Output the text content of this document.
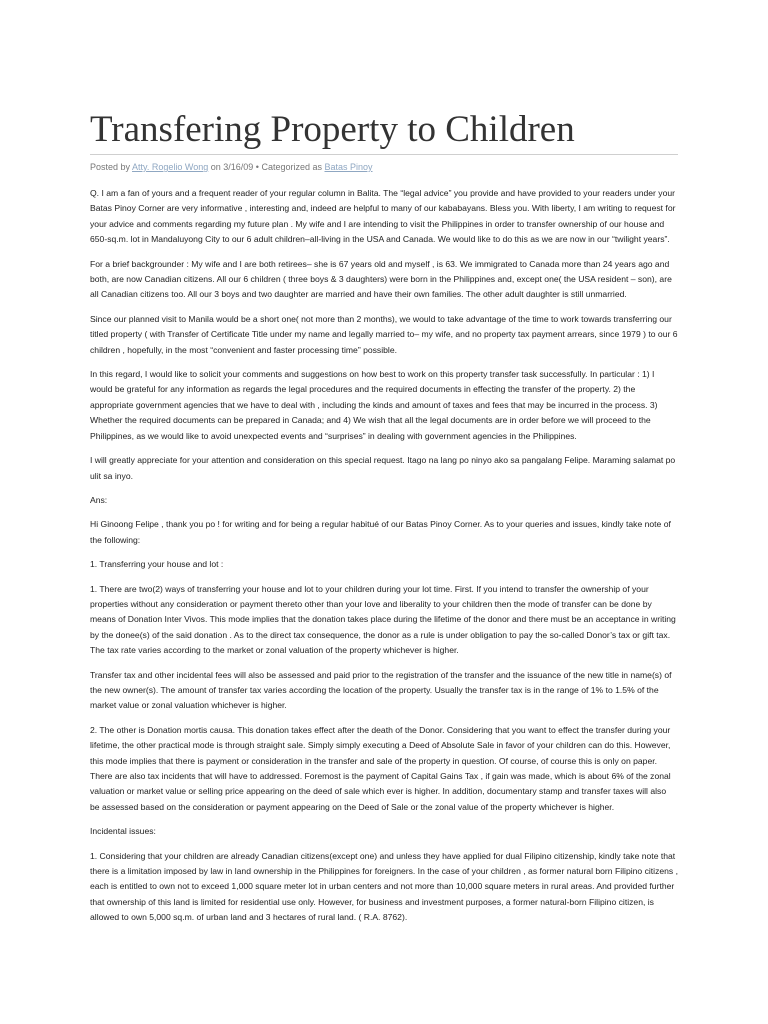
Transfering Property to Children
Posted by Atty. Rogelio Wong on 3/16/09 • Categorized as Batas Pinoy

Q. I am a fan of yours and a frequent reader of your regular column in Balita. The “legal advice” you provide and have provided to your readers under your Batas Pinoy Corner are very informative , interesting and, indeed are helpful to many of our kababayans. Bless you. With liberty, I am writing to request for your advice and comments regarding my future plan . My wife and I are intending to visit the Philippines in order to transfer ownership of our house and 650-sq.m. lot in Mandaluyong City to our 6 adult children–all-living in the USA and Canada. We would like to do this as we are now in our “twilight years”.

For a brief backgrounder : My wife and I are both retirees– she is 67 years old and myself , is 63. We immigrated to Canada more than 24 years ago and both, are now Canadian citizens. All our 6 children ( three boys & 3 daughters) were born in the Philippines and, except one( the USA resident – son), are all Canadian citizens too. All our 3 boys and two daughter are married and have their own families. The other adult daughter is still unmarried.

Since our planned visit to Manila would be a short one( not more than 2 months), we would to take advantage of the time to work towards transferring our titled property ( with Transfer of Certificate Title under my name and legally married to– my wife, and no property tax payment arrears, since 1979 ) to our 6 children , hopefully, in the most “convenient and faster processing time” possible.

In this regard, I would like to solicit your comments and suggestions on how best to work on this property transfer task successfully. In particular : 1) I would be grateful for any information as regards the legal procedures and the required documents in effecting the transfer of the property. 2) the appropriate government agencies that we have to deal with , including the kinds and amount of taxes and fees that may be incurred in the process. 3) Whether the required documents can be prepared in Canada; and 4) We wish that all the legal documents are in order before we will proceed to the Philippines, as we would like to avoid unexpected events and “surprises” in dealing with government agencies in the Philippines.

I will greatly appreciate for your attention and consideration on this special request. Itago na lang po ninyo ako sa pangalang Felipe. Maraming salamat po ulit sa inyo.

Ans:

Hi Ginoong Felipe , thank you po ! for writing and for being a regular habitué of our Batas Pinoy Corner. As to your queries and issues, kindly take note of the following:

1. Transferring your house and lot :

1. There are two(2) ways of transferring your house and lot to your children during your lot time. First. If you intend to transfer the ownership of your properties without any consideration or payment thereto other than your love and liberality to your children then the mode of transfer can be done by means of Donation Inter Vivos. This mode implies that the donation takes place during the lifetime of the donor and there must be an acceptance in writing by the donee(s) of the said donation . As to the direct tax consequence, the donor as a rule is under obligation to pay the so-called Donor’s tax or gift tax. The tax rate varies according to the market or zonal valuation of the property whichever is higher.

Transfer tax and other incidental fees will also be assessed and paid prior to the registration of the transfer and the issuance of the new title in name(s) of the new owner(s). The amount of transfer tax varies according the location of the property. Usually the transfer tax is in the range of 1% to 1.5% of the market value or zonal valuation whichever is higher.

2. The other is Donation mortis causa. This donation takes effect after the death of the Donor. Considering that you want to effect the transfer during your lifetime, the other practical mode is through straight sale. Simply simply executing a Deed of Absolute Sale in favor of your children can do this. However, this mode implies that there is payment or consideration in the transfer and sale of the property in question. Of course, of course this is only on paper. There are also tax incidents that will have to addressed. Foremost is the payment of Capital Gains Tax , if gain was made, which is about 6% of the zonal valuation or market value or selling price appearing on the deed of sale which ever is higher. In addition, documentary stamp and transfer taxes will also be assessed based on the consideration or payment appearing on the Deed of Sale or the zonal value of the property whichever is higher.

Incidental issues:

1. Considering that your children are already Canadian citizens(except one) and unless they have applied for dual Filipino citizenship, kindly take note that there is a limitation imposed by law in land ownership in the Philippines for foreigners. In the case of your children , as former natural born Filipino citizens , each is entitled to own not to exceed 1,000 square meter lot in urban centers and not more than 10,000 square meters in rural areas. And provided further that ownership of this land is limited for residential use only. However, for business and investment purposes, a former natural-born Filipino citizen, is allowed to own 5,000 sq.m. of urban land and 3 hectares of rural land. ( R.A. 8762).
